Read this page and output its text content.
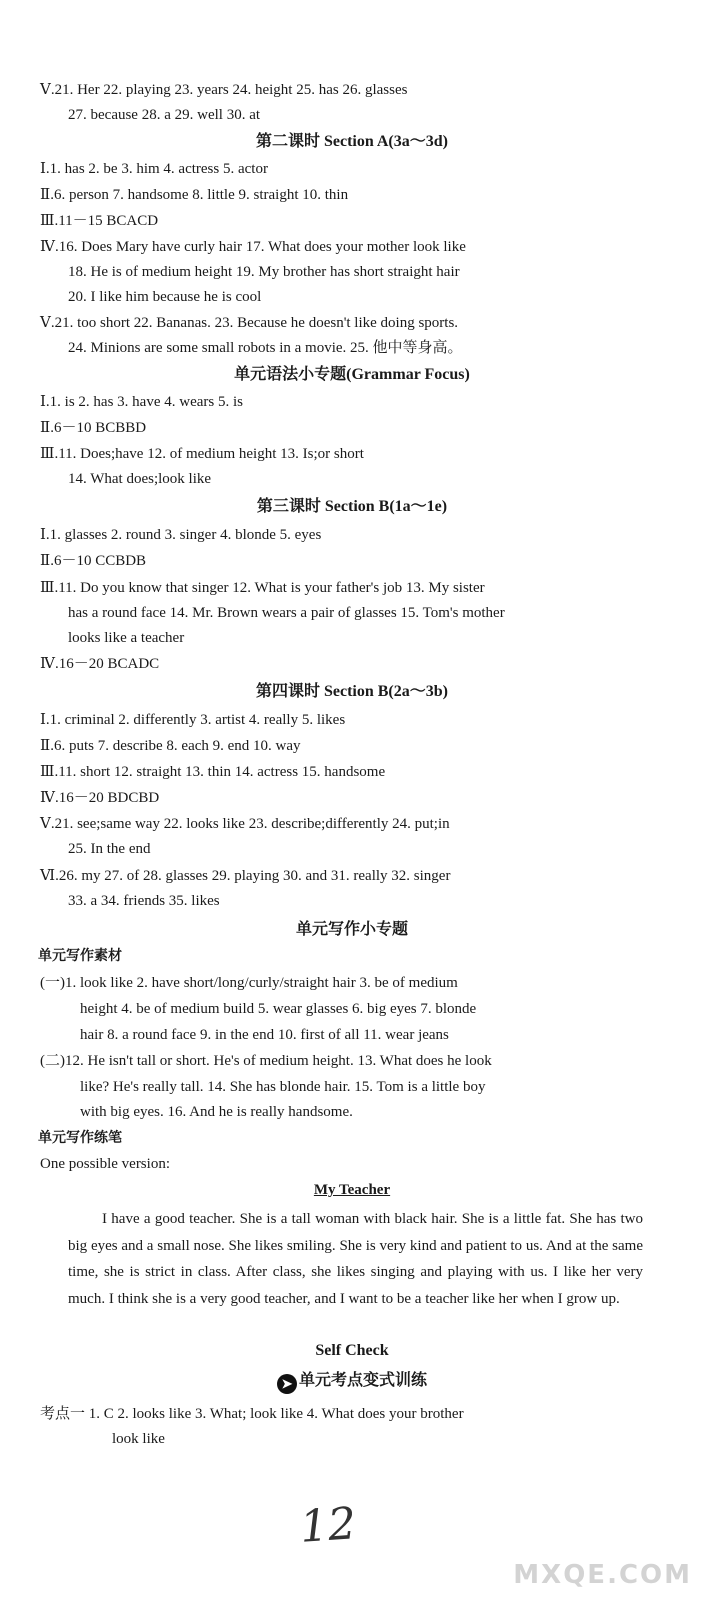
Ⅴ.21. Her 22. playing 23. years 24. height 25. has 26. glasses
27. because 28. a 29. well 30. at
第二课时 Section A(3a～3d)
Ⅰ.1. has 2. be 3. him 4. actress 5. actor
Ⅱ.6. person 7. handsome 8. little 9. straight 10. thin
Ⅲ.11－15 BCACD
Ⅳ.16. Does Mary have curly hair 17. What does your mother look like
18. He is of medium height 19. My brother has short straight hair
20. I like him because he is cool
Ⅴ.21. too short 22. Bananas. 23. Because he doesn't like doing sports.
24. Minions are some small robots in a movie. 25. 他中等身高。
单元语法小专题(Grammar Focus)
Ⅰ.1. is 2. has 3. have 4. wears 5. is
Ⅱ.6－10 BCBBD
Ⅲ.11. Does;have 12. of medium height 13. Is;or short
14. What does;look like
第三课时 Section B(1a～1e)
Ⅰ.1. glasses 2. round 3. singer 4. blonde 5. eyes
Ⅱ.6－10 CCBDB
Ⅲ.11. Do you know that singer 12. What is your father's job 13. My sister
has a round face 14. Mr. Brown wears a pair of glasses 15. Tom's mother
looks like a teacher
Ⅳ.16－20 BCADC
第四课时 Section B(2a～3b)
Ⅰ.1. criminal 2. differently 3. artist 4. really 5. likes
Ⅱ.6. puts 7. describe 8. each 9. end 10. way
Ⅲ.11. short 12. straight 13. thin 14. actress 15. handsome
Ⅳ.16－20 BDCBD
Ⅴ.21. see;same way 22. looks like 23. describe;differently 24. put;in
25. In the end
Ⅵ.26. my 27. of 28. glasses 29. playing 30. and 31. really 32. singer
33. a 34. friends 35. likes
单元写作小专题
单元写作素材
(一)1. look like 2. have short/long/curly/straight hair 3. be of medium
height 4. be of medium build 5. wear glasses 6. big eyes 7. blonde
hair 8. a round face 9. in the end 10. first of all 11. wear jeans
(二)12. He isn't tall or short. He's of medium height. 13. What does he look
like? He's really tall. 14. She has blonde hair. 15. Tom is a little boy
with big eyes. 16. And he is really handsome.
单元写作练笔
One possible version:
My Teacher
I have a good teacher. She is a tall woman with black hair. She is a little fat. She has two big eyes and a small nose. She likes smiling. She is very kind and patient to us. And at the same time, she is strict in class. After class, she likes singing and playing with us. I like her very much. I think she is a very good teacher, and I want to be a teacher like her when I grow up.
Self Check
➤ 单元考点变式训练
考点一 1. C 2. looks like 3. What; look like 4. What does your brother
look like
12
MXQE.COM
